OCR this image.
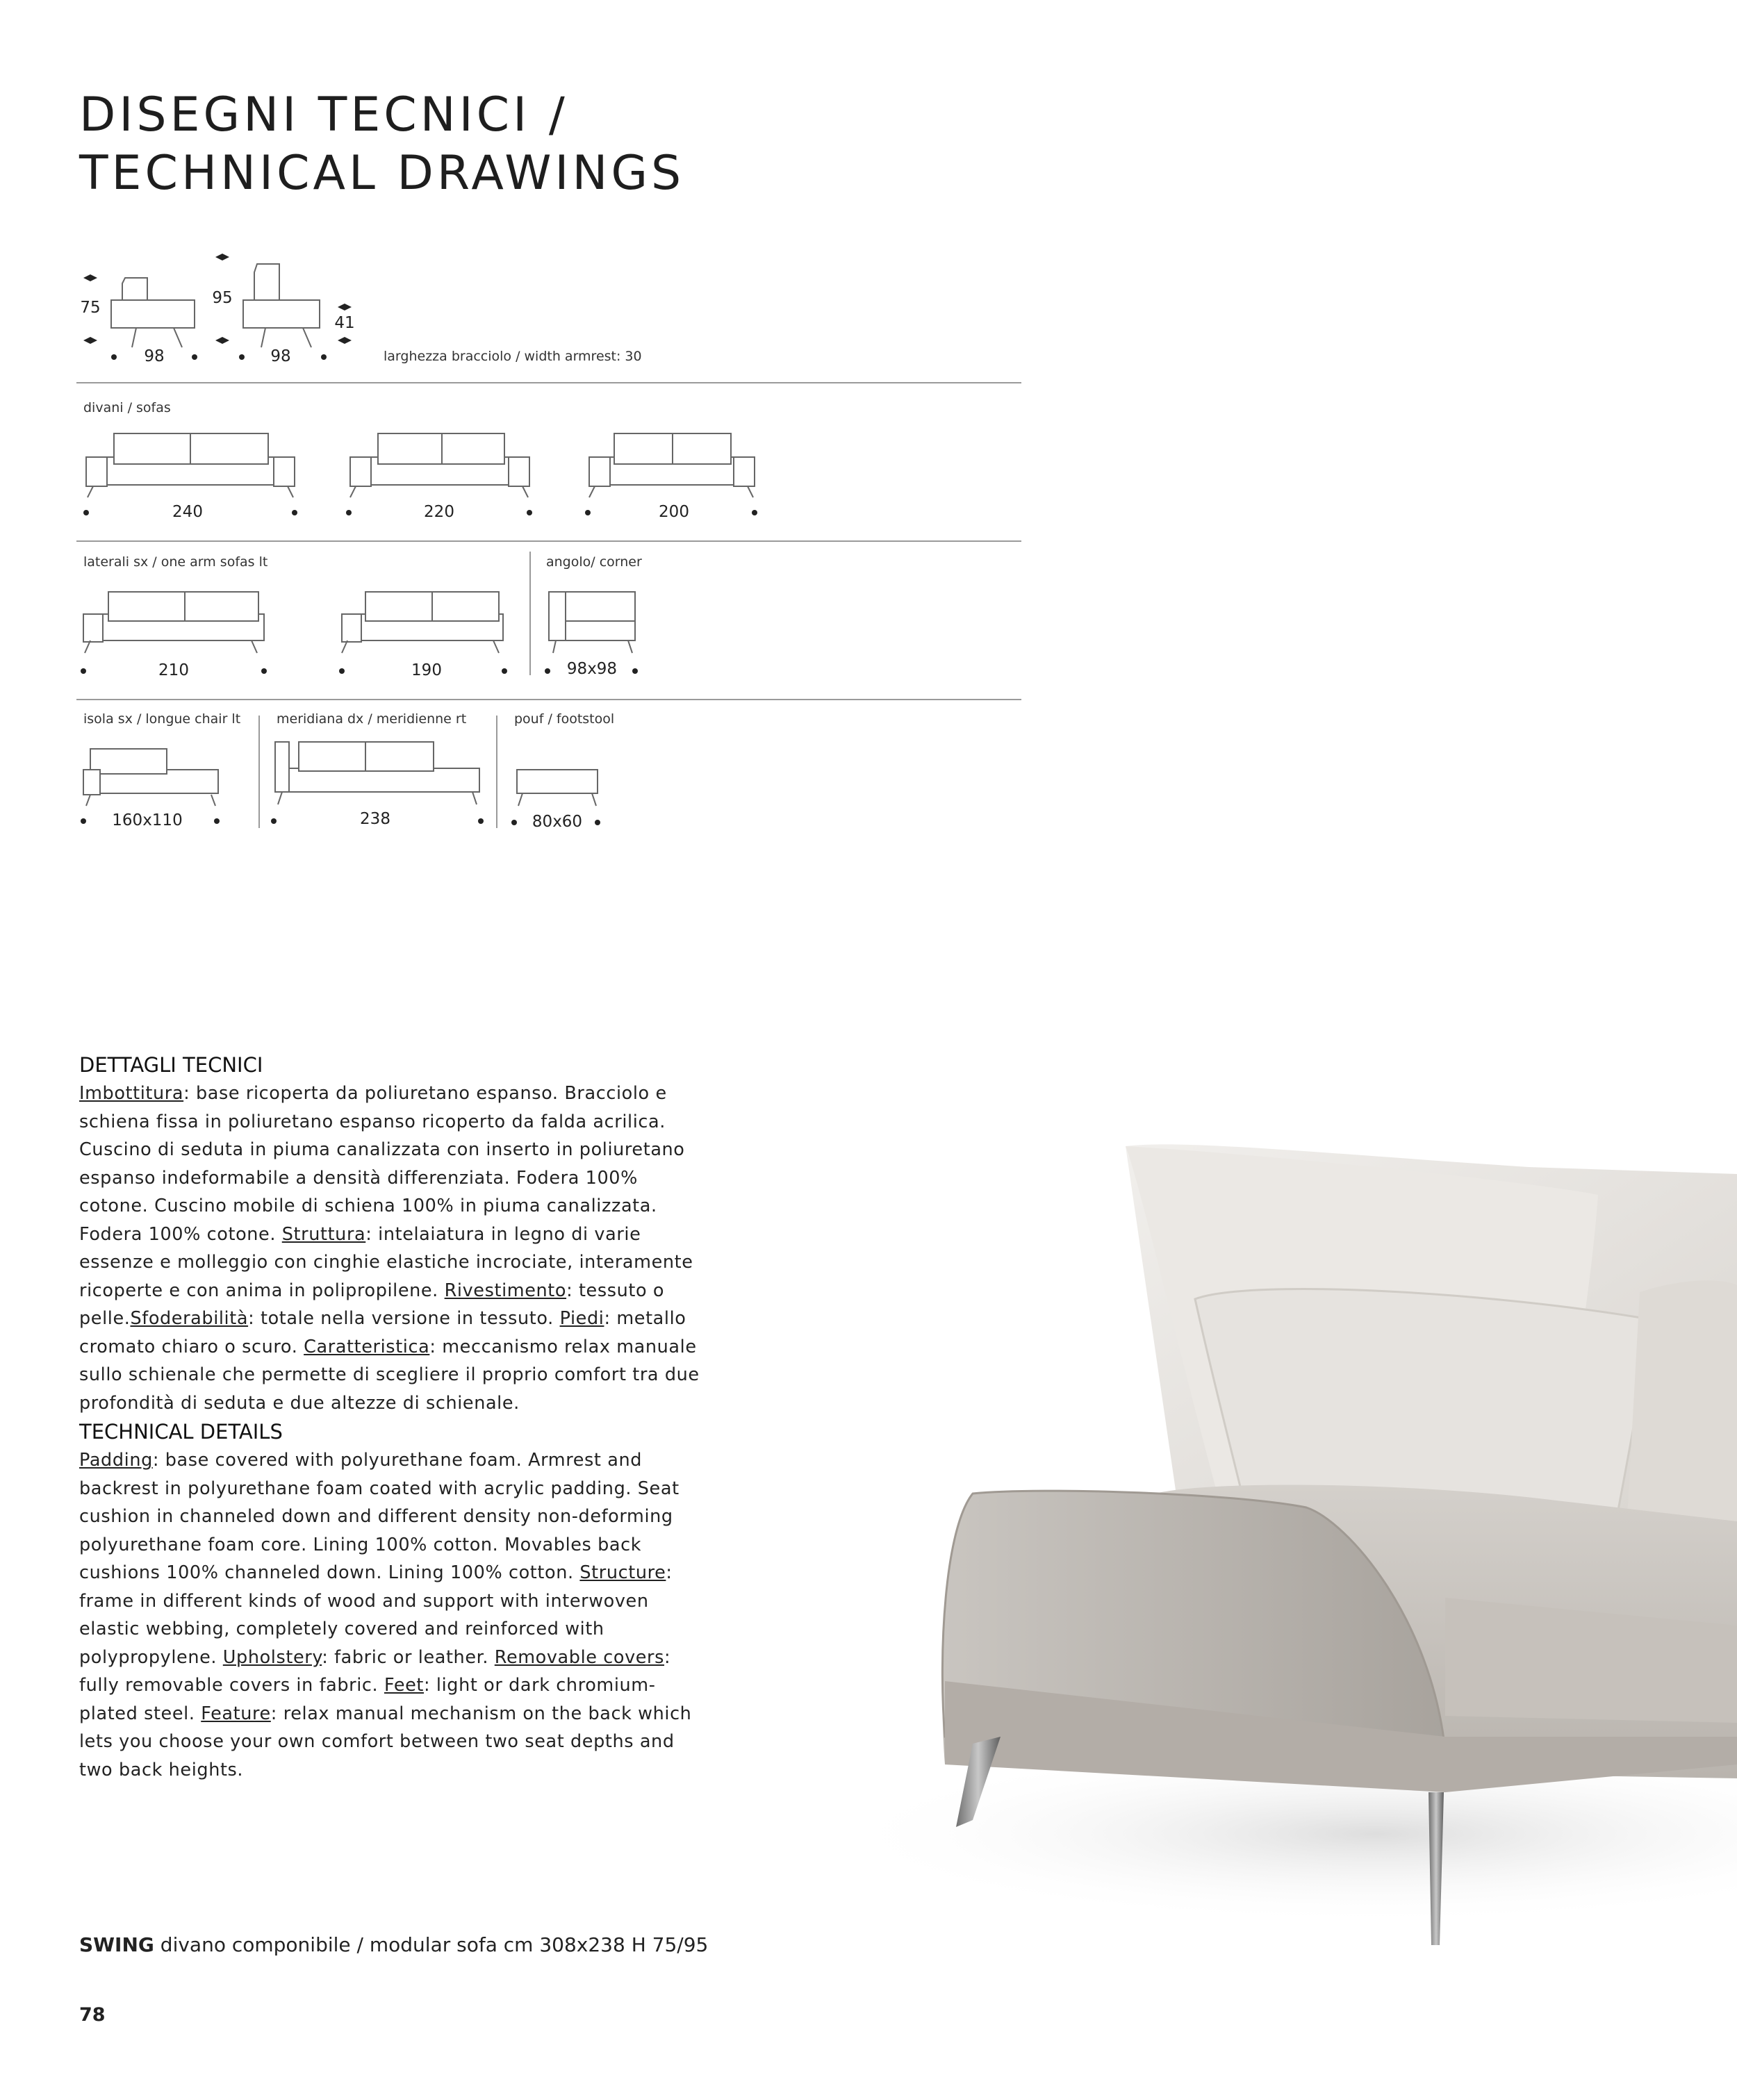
DISEGNI TECNICI /
TECHNICAL DRAWINGS
75
95
41
98	98	larghezza bracciolo / width armrest: 30
divani / sofas
240	220	200
laterali sx / one arm sofas lt	angolo/ corner
210	190	98x98
isola sx / longue chair lt	meridiana dx / meridienne rt	pouf / footstool
160x110	238	80x60
DETTAGLI TECNICI

Imbottitura: base ricoperta da poliuretano espanso. Bracciolo e schiena fissa in poliuretano espanso ricoperto da falda acrilica. Cuscino di seduta in piuma canalizzata con inserto in poliuretano espanso indeformabile a densità differenziata. Fodera 100% cotone. Cuscino mobile di schiena 100% in piuma canalizzata. Fodera 100% cotone. Struttura: intelaiatura in legno di varie essenze e molleggio con cinghie elastiche incrociate, interamente ricoperte e con anima in polipropilene. Rivestimento: tessuto o pelle.Sfoderabilità: totale nella versione in tessuto. Piedi: metallo cromato chiaro o scuro. Caratteristica: meccanismo relax manuale sullo schienale che permette di scegliere il proprio comfort tra due profondità di seduta e due altezze di schienale.

TECHNICAL DETAILS

Padding: base covered with polyurethane foam. Armrest and backrest in polyurethane foam coated with acrylic padding. Seat cushion in channeled down and different density non-deforming polyurethane foam core. Lining 100% cotton. Movables back cushions 100% channeled down. Lining 100% cotton. Structure: frame in different kinds of wood and support with interwoven elastic webbing, completely covered and reinforced with polypropylene. Upholstery: fabric or leather. Removable covers: fully removable covers in fabric. Feet: light or dark chromium-plated steel. Feature: relax manual mechanism on the back which lets you choose your own comfort between two seat depths and two back heights.

SWING divano componibile / modular sofa cm 308x238 H 75/95
78
